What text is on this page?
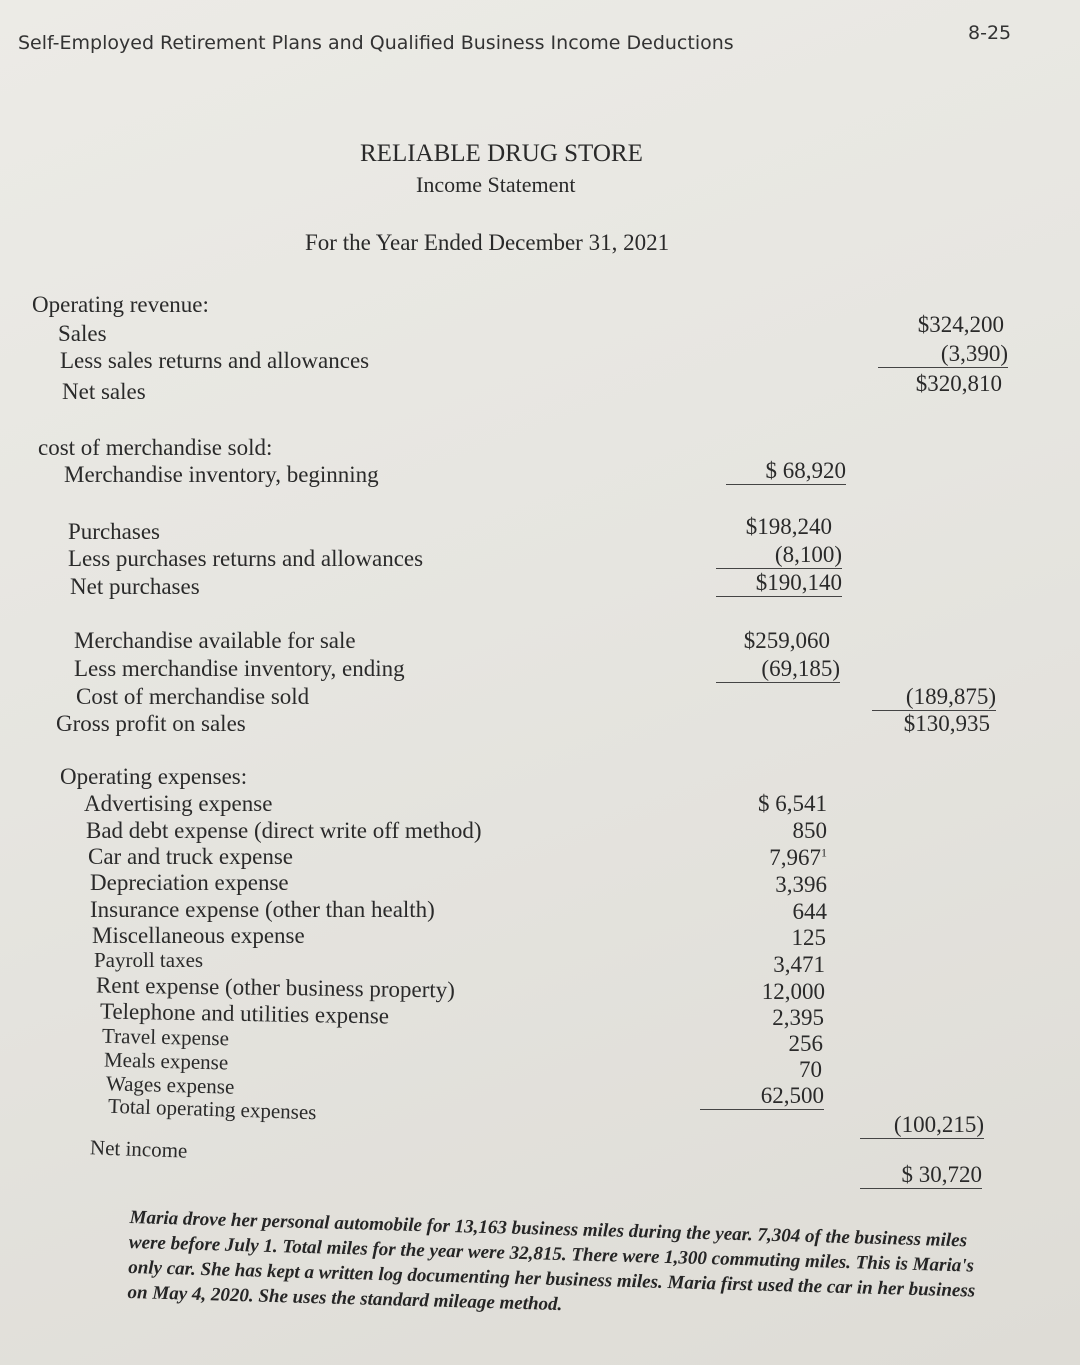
Self-Employed Retirement Plans and Qualified Business Income Deductions	8-25
RELIABLE DRUG STORE
Income Statement
For the Year Ended December 31, 2021
Operating revenue:
Sales
Less sales returns and allowances
Net sales
$324,200
(3,390)
$320,810
cost of merchandise sold:
Merchandise inventory, beginning	$ 68,920
Purchases
Less purchases returns and allowances
Net purchases
$198,240
(8,100)
$190,140
Merchandise available for sale
Less merchandise inventory, ending
Cost of merchandise sold
Gross profit on sales
$259,060
(69,185)
(189,875)
$130,935
Operating expenses:
Advertising expense
Bad debt expense (direct write off method)
Car and truck expense
Depreciation expense
Insurance expense (other than health)
Miscellaneous expense
Payroll taxes
Rent expense (other business property)
Telephone and utilities expense
Travel expense
Meals expense
Wages expense
Total operating expenses
$ 6,541
850
7,967$^1$
3,396
644
125
3,471
12,000
2,395
256
70
62,500
(100,215)
Net income
$ 30,720
Maria drove her personal automobile for 13,163 business miles during the year. 7,304 of the business miles were before July 1. Total miles for the year were 32,815. There were 1,300 commuting miles. This is Maria's only car. She has kept a written log documenting her business miles. Maria first used the car in her business on May 4, 2020. She uses the standard mileage method.
